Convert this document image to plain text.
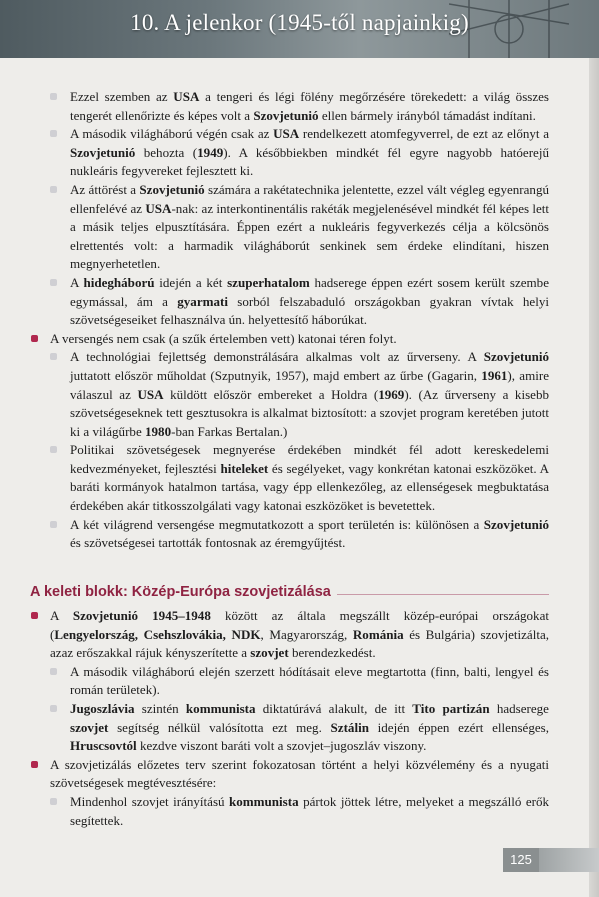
10. A jelenkor (1945-től napjainkig)

Ezzel szemben az USA a tengeri és légi fölény megőrzésére törekedett: a világ összes tengerét ellenőrizte és képes volt a Szovjetunió ellen bármely irányból támadást indítani.

A második világháború végén csak az USA rendelkezett atomfegyverrel, de ezt az előnyt a Szovjetunió behozta (1949). A későbbiekben mindkét fél egyre nagyobb hatóerejű nukleáris fegyvereket fejlesztett ki.

Az áttörést a Szovjetunió számára a rakétatechnika jelentette, ezzel vált végleg egyenrangú ellenfelévé az USA-nak: az interkontinentális rakéták megjelenésével mindkét fél képes lett a másik teljes elpusztítására. Éppen ezért a nukleáris fegyverkezés célja a kölcsönös elrettentés volt: a harmadik világháborút senkinek sem érdeke elindítani, hiszen megnyerhetetlen.

A hidegháború idején a két szuperhatalom hadserege éppen ezért sosem került szembe egymással, ám a gyarmati sorból felszabaduló országokban gyakran vívtak helyi szövetségeseiket felhasználva ún. helyettesítő háborúkat.

A versengés nem csak (a szűk értelemben vett) katonai téren folyt.

A technológiai fejlettség demonstrálására alkalmas volt az űrverseny. A Szovjetunió juttatott először műholdat (Szputnyik, 1957), majd embert az űrbe (Gagarin, 1961), amire válaszul az USA küldött először embereket a Holdra (1969). (Az űrverseny a kisebb szövetségeseknek tett gesztusokra is alkalmat biztosított: a szovjet program keretében jutott ki a világűrbe 1980-ban Farkas Bertalan.)

Politikai szövetségesek megnyerése érdekében mindkét fél adott kereskedelemi kedvezményeket, fejlesztési hiteleket és segélyeket, vagy konkrétan katonai eszközöket. A baráti kormányok hatalmon tartása, vagy épp ellenkezőleg, az ellenségesek megbuktatása érdekében akár titkosszolgálati vagy katonai eszközöket is bevetettek.

A két világrend versengése megmutatkozott a sport területén is: különösen a Szovjetunió és szövetségesei tartották fontosnak az éremgyűjtést.

A keleti blokk: Közép-Európa szovjetizálása

A Szovjetunió 1945–1948 között az általa megszállt közép-európai országokat (Lengyelország, Csehszlovákia, NDK, Magyarország, Románia és Bulgária) szovjetizálta, azaz erőszakkal rájuk kényszerítette a szovjet berendezkedést.

A második világháború elején szerzett hódításait eleve megtartotta (finn, balti, lengyel és román területek).

Jugoszlávia szintén kommunista diktatúrává alakult, de itt Tito partizán hadserege szovjet segítség nélkül valósította ezt meg. Sztálin idején éppen ezért ellenséges, Hruscsovtól kezdve viszont baráti volt a szovjet–jugoszláv viszony.

A szovjetizálás előzetes terv szerint fokozatosan történt a helyi közvélemény és a nyugati szövetségesek megtévesztésére:

Mindenhol szovjet irányítású kommunista pártok jöttek létre, melyeket a megszálló erők segítettek.

125
